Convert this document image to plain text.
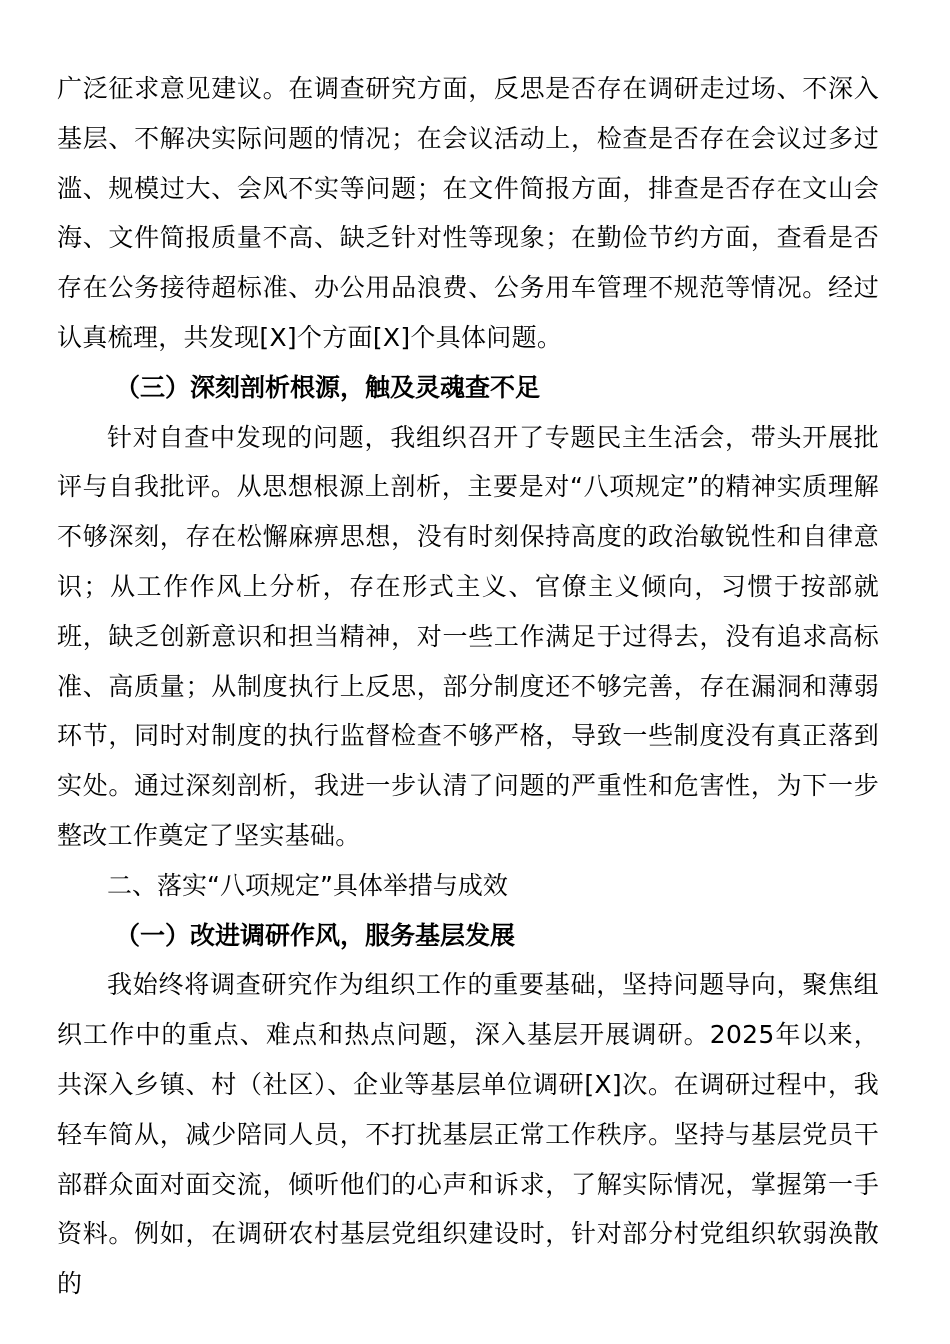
广泛征求意见建议。在调查研究方面，反思是否存在调研走过场、不深入基层、不解决实际问题的情况；在会议活动上，检查是否存在会议过多过滥、规模过大、会风不实等问题；在文件简报方面，排查是否存在文山会海、文件简报质量不高、缺乏针对性等现象；在勤俭节约方面，查看是否存在公务接待超标准、办公用品浪费、公务用车管理不规范等情况。经过认真梳理，共发现[X]个方面[X]个具体问题。

（三）深刻剖析根源，触及灵魂查不足

针对自查中发现的问题，我组织召开了专题民主生活会，带头开展批评与自我批评。从思想根源上剖析，主要是对“八项规定”的精神实质理解不够深刻，存在松懈麻痹思想，没有时刻保持高度的政治敏锐性和自律意识；从工作作风上分析，存在形式主义、官僚主义倾向，习惯于按部就班，缺乏创新意识和担当精神，对一些工作满足于过得去，没有追求高标准、高质量；从制度执行上反思，部分制度还不够完善，存在漏洞和薄弱环节，同时对制度的执行监督检查不够严格，导致一些制度没有真正落到实处。通过深刻剖析，我进一步认清了问题的严重性和危害性，为下一步整改工作奠定了坚实基础。

二、落实“八项规定”具体举措与成效

（一）改进调研作风，服务基层发展

我始终将调查研究作为组织工作的重要基础，坚持问题导向，聚焦组织工作中的重点、难点和热点问题，深入基层开展调研。2025年以来，共深入乡镇、村（社区）、企业等基层单位调研[X]次。在调研过程中，我轻车简从，减少陪同人员，不打扰基层正常工作秩序。坚持与基层党员干部群众面对面交流，倾听他们的心声和诉求，了解实际情况，掌握第一手资料。例如，在调研农村基层党组织建设时，针对部分村党组织软弱涣散的
